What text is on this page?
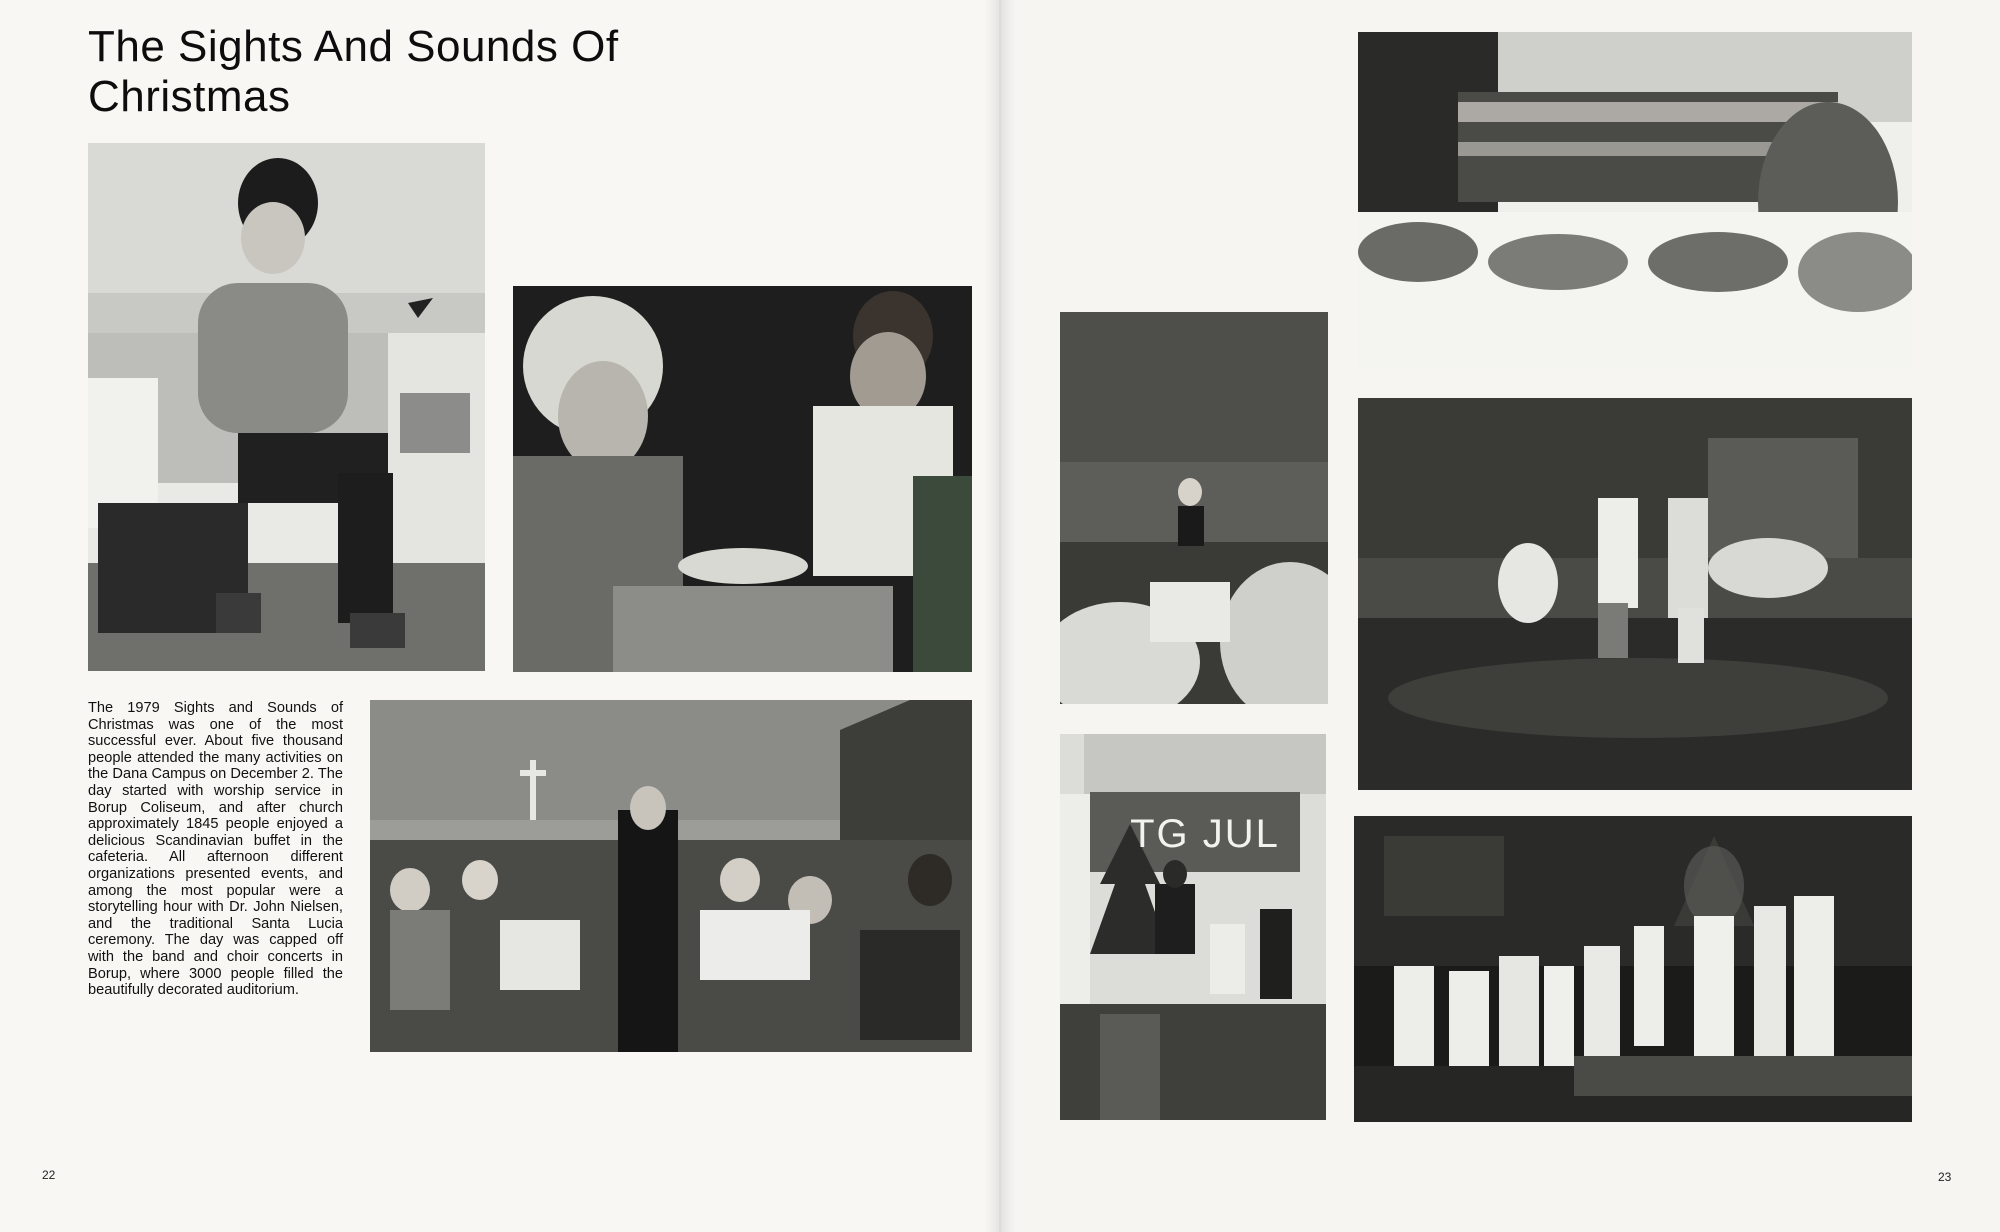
The Sights And Sounds Of Christmas

The 1979 Sights and Sounds of Christmas was one of the most successful ever. About five thousand people attended the many activities on the Dana Campus on December 2. The day started with worship service in Borup Coliseum, and after church approximately 1845 people enjoyed a delicious Scandinavian buffet in the cafeteria. All afternoon different organizations presented events, and among the most popular were a storytelling hour with Dr. John Nielsen, and the traditional Santa Lucia ceremony. The day was capped off with the band and choir concerts in Borup, where 3000 people filled the beautifully decorated auditorium.

TG JUL
22	23
